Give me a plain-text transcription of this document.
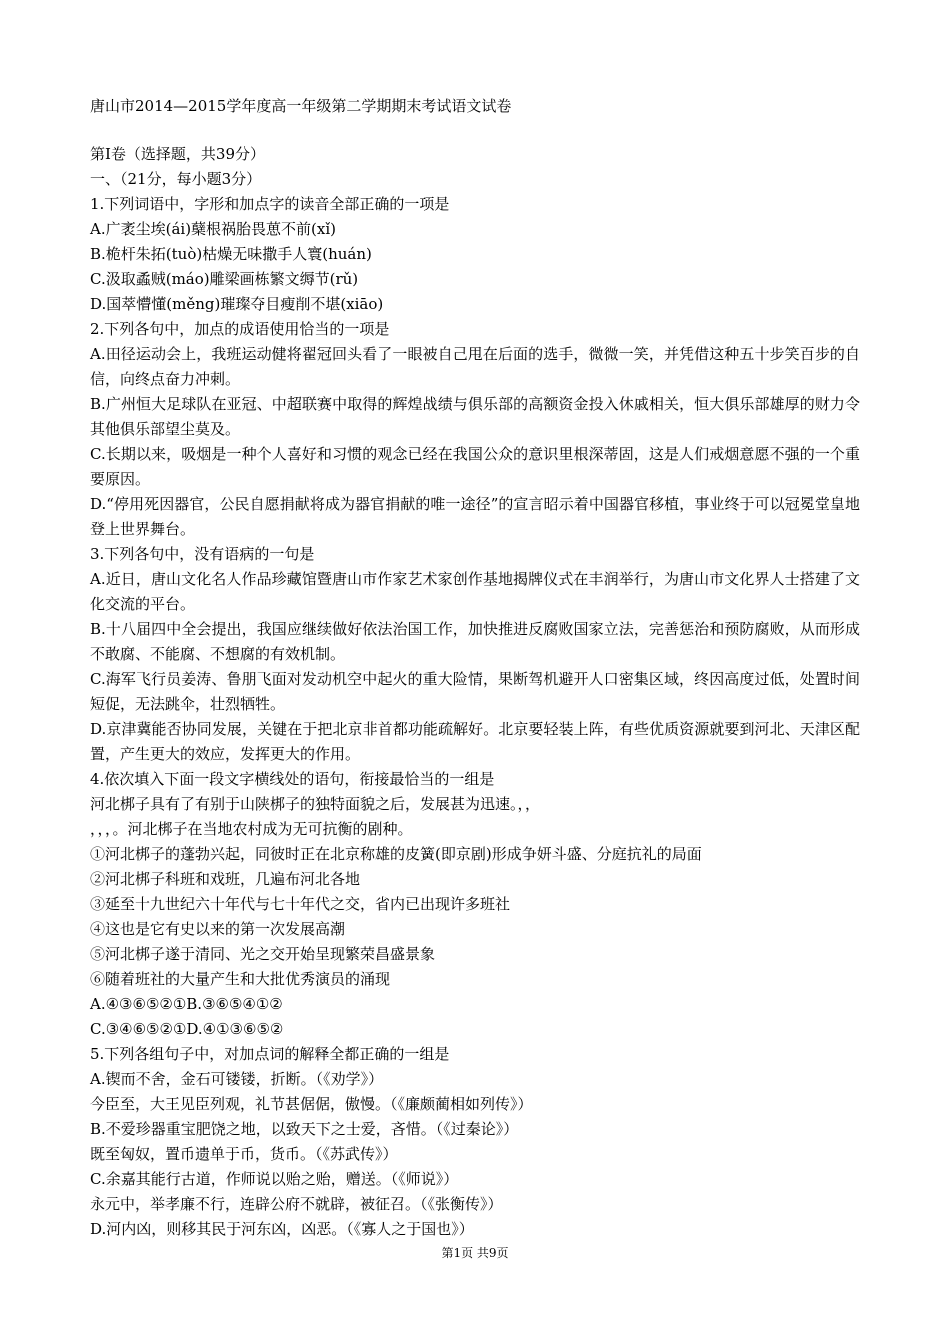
唐山市2014—2015学年度高一年级第二学期期末考试语文试卷
第Ⅰ卷（选择题，共39分）
一、（21分，每小题3分）
1.下列词语中，字形和加点字的读音全部正确的一项是
A.广袤尘埃(ái)蘖根祸胎畏葸不前(xǐ)
B.桅杆朱拓(tuò)枯燥无味撒手人寰(huán)
C.汲取蟊贼(máo)雕梁画栋繁文缛节(rǔ)
D.国萃懵懂(měng)璀璨夺目瘦削不堪(xiāo)
2.下列各句中，加点的成语使用恰当的一项是
A.田径运动会上，我班运动健将翟冠回头看了一眼被自己甩在后面的选手，微微一笑，并凭借这种五十步笑百步的自信，向终点奋力冲刺。
B.广州恒大足球队在亚冠、中超联赛中取得的辉煌战绩与俱乐部的高额资金投入休戚相关，恒大俱乐部雄厚的财力令其他俱乐部望尘莫及。
C.长期以来，吸烟是一种个人喜好和习惯的观念已经在我国公众的意识里根深蒂固，这是人们戒烟意愿不强的一个重要原因。
D.“停用死因器官，公民自愿捐献将成为器官捐献的唯一途径”的宣言昭示着中国器官移植，事业终于可以冠冕堂皇地登上世界舞台。
3.下列各句中，没有语病的一句是
A.近日，唐山文化名人作品珍藏馆暨唐山市作家艺术家创作基地揭牌仪式在丰润举行，为唐山市文化界人士搭建了文化交流的平台。
B.十八届四中全会提出，我国应继续做好依法治国工作，加快推进反腐败国家立法，完善惩治和预防腐败，从而形成不敢腐、不能腐、不想腐的有效机制。
C.海军飞行员姜涛、鲁朋飞面对发动机空中起火的重大险情，果断驾机避开人口密集区域，终因高度过低，处置时间短促，无法跳伞，壮烈牺牲。
D.京津冀能否协同发展，关键在于把北京非首都功能疏解好。北京要轻装上阵，有些优质资源就要到河北、天津区配置，产生更大的效应，发挥更大的作用。
4.依次填入下面一段文字横线处的语句，衔接最恰当的一组是
河北梆子具有了有别于山陕梆子的独特面貌之后，发展甚为迅速。，，
，，，。河北梆子在当地农村成为无可抗衡的剧种。
①河北梆子的蓬勃兴起，同彼时正在北京称雄的皮簧(即京剧)形成争妍斗盛、分庭抗礼的局面
②河北梆子科班和戏班，几遍布河北各地
③延至十九世纪六十年代与七十年代之交，省内已出现许多班社
④这也是它有史以来的第一次发展高潮
⑤河北梆子遂于清同、光之交开始呈现繁荣昌盛景象
⑥随着班社的大量产生和大批优秀演员的涌现
A.④③⑥⑤②①B.③⑥⑤④①②
C.③④⑥⑤②①D.④①③⑥⑤②
5.下列各组句子中，对加点词的解释全都正确的一组是
A.锲而不舍，金石可镂镂，折断。（《劝学》）
今臣至，大王见臣列观，礼节甚倨倨，傲慢。（《廉颇蔺相如列传》）
B.不爱珍器重宝肥饶之地，以致天下之士爱，吝惜。（《过秦论》）
既至匈奴，置币遗单于币，货币。（《苏武传》）
C.余嘉其能行古道，作师说以贻之贻，赠送。（《师说》）
永元中，举孝廉不行，连辟公府不就辟，被征召。（《张衡传》）
D.河内凶，则移其民于河东凶，凶恶。（《寡人之于国也》）
第1页 共9页
